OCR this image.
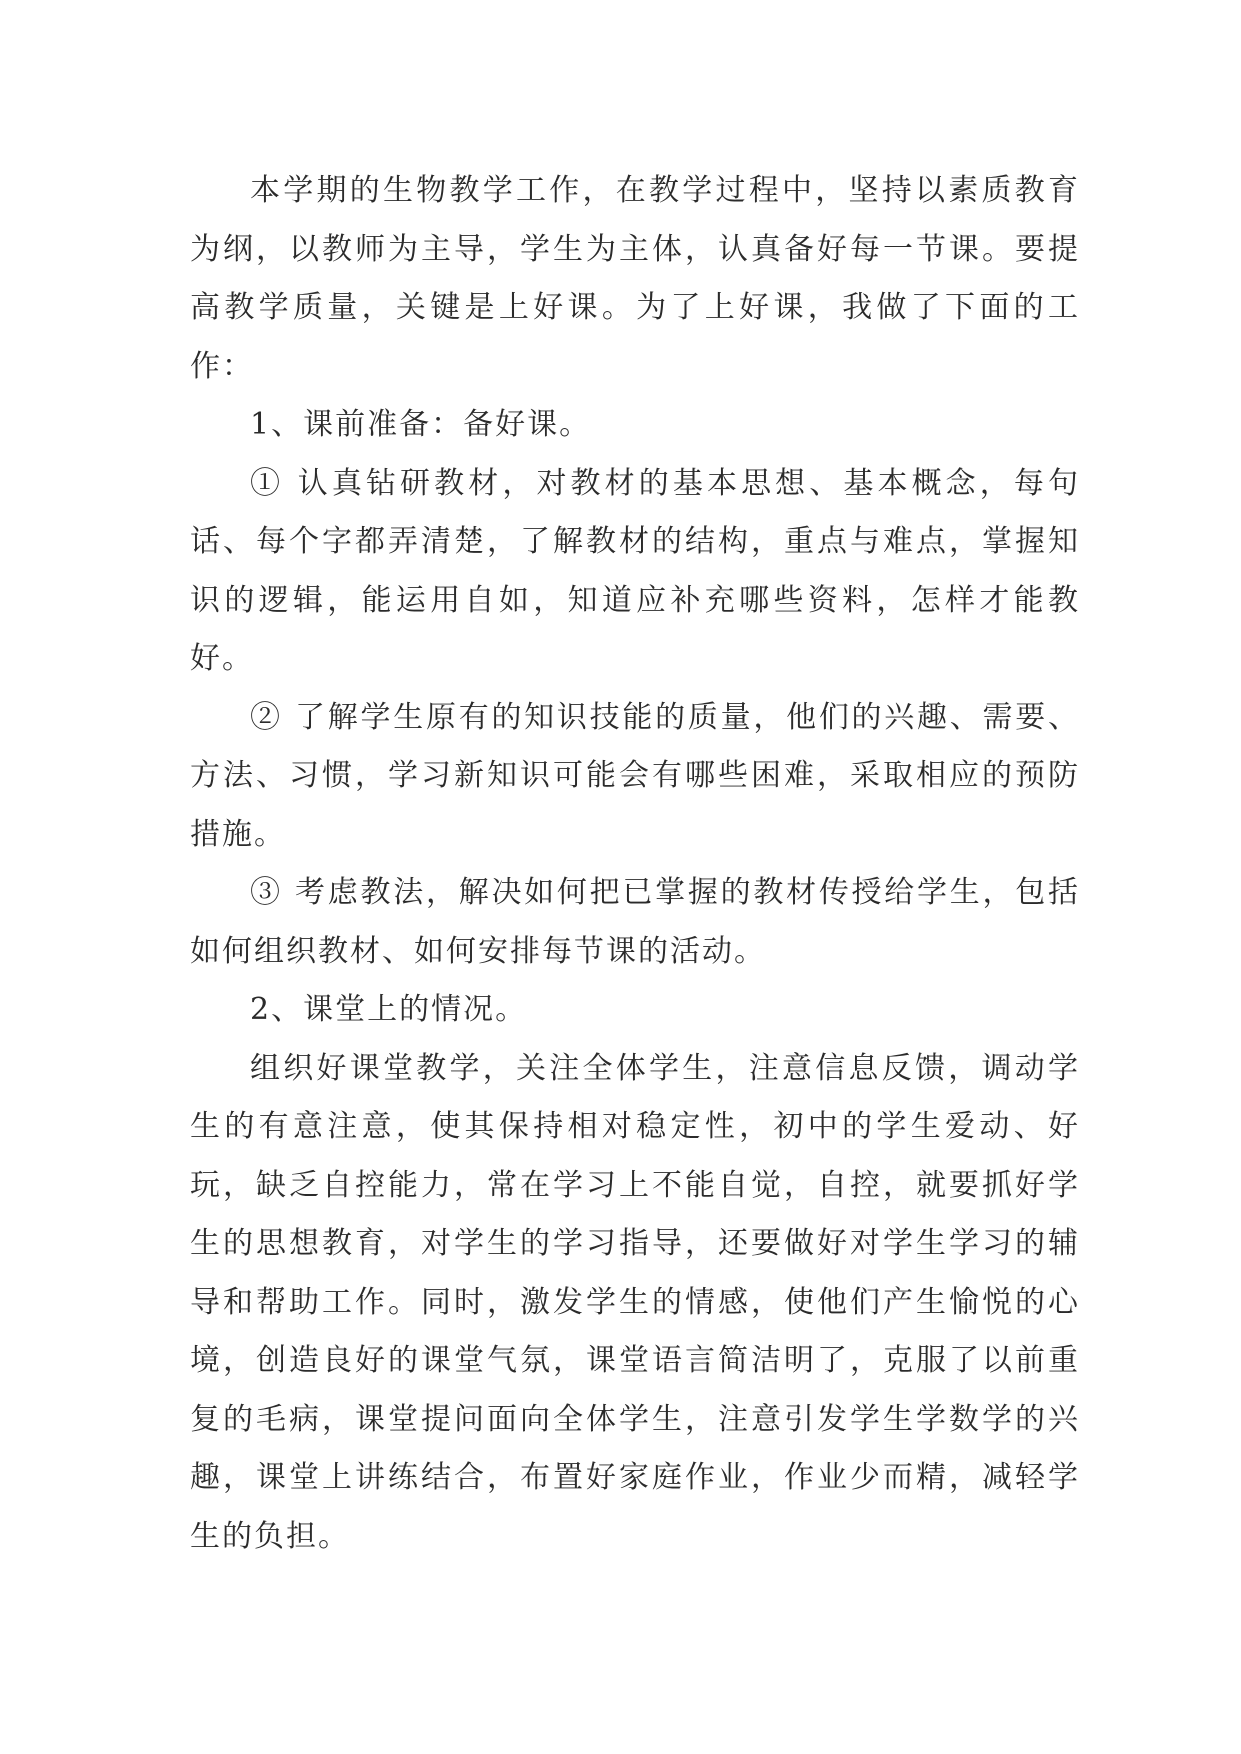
本学期的生物教学工作，在教学过程中，坚持以素质教育为纲，以教师为主导，学生为主体，认真备好每一节课。要提高教学质量，关键是上好课。为了上好课，我做了下面的工作：

1、课前准备：备好课。

① 认真钻研教材，对教材的基本思想、基本概念，每句话、每个字都弄清楚，了解教材的结构，重点与难点，掌握知识的逻辑，能运用自如，知道应补充哪些资料，怎样才能教好。

② 了解学生原有的知识技能的质量，他们的兴趣、需要、方法、习惯，学习新知识可能会有哪些困难，采取相应的预防措施。

③ 考虑教法，解决如何把已掌握的教材传授给学生，包括如何组织教材、如何安排每节课的活动。

2、课堂上的情况。

组织好课堂教学，关注全体学生，注意信息反馈，调动学生的有意注意，使其保持相对稳定性，初中的学生爱动、好玩，缺乏自控能力，常在学习上不能自觉，自控，就要抓好学生的思想教育，对学生的学习指导，还要做好对学生学习的辅导和帮助工作。同时，激发学生的情感，使他们产生愉悦的心境，创造良好的课堂气氛，课堂语言简洁明了，克服了以前重复的毛病，课堂提问面向全体学生，注意引发学生学数学的兴趣，课堂上讲练结合，布置好家庭作业，作业少而精，减轻学生的负担。
